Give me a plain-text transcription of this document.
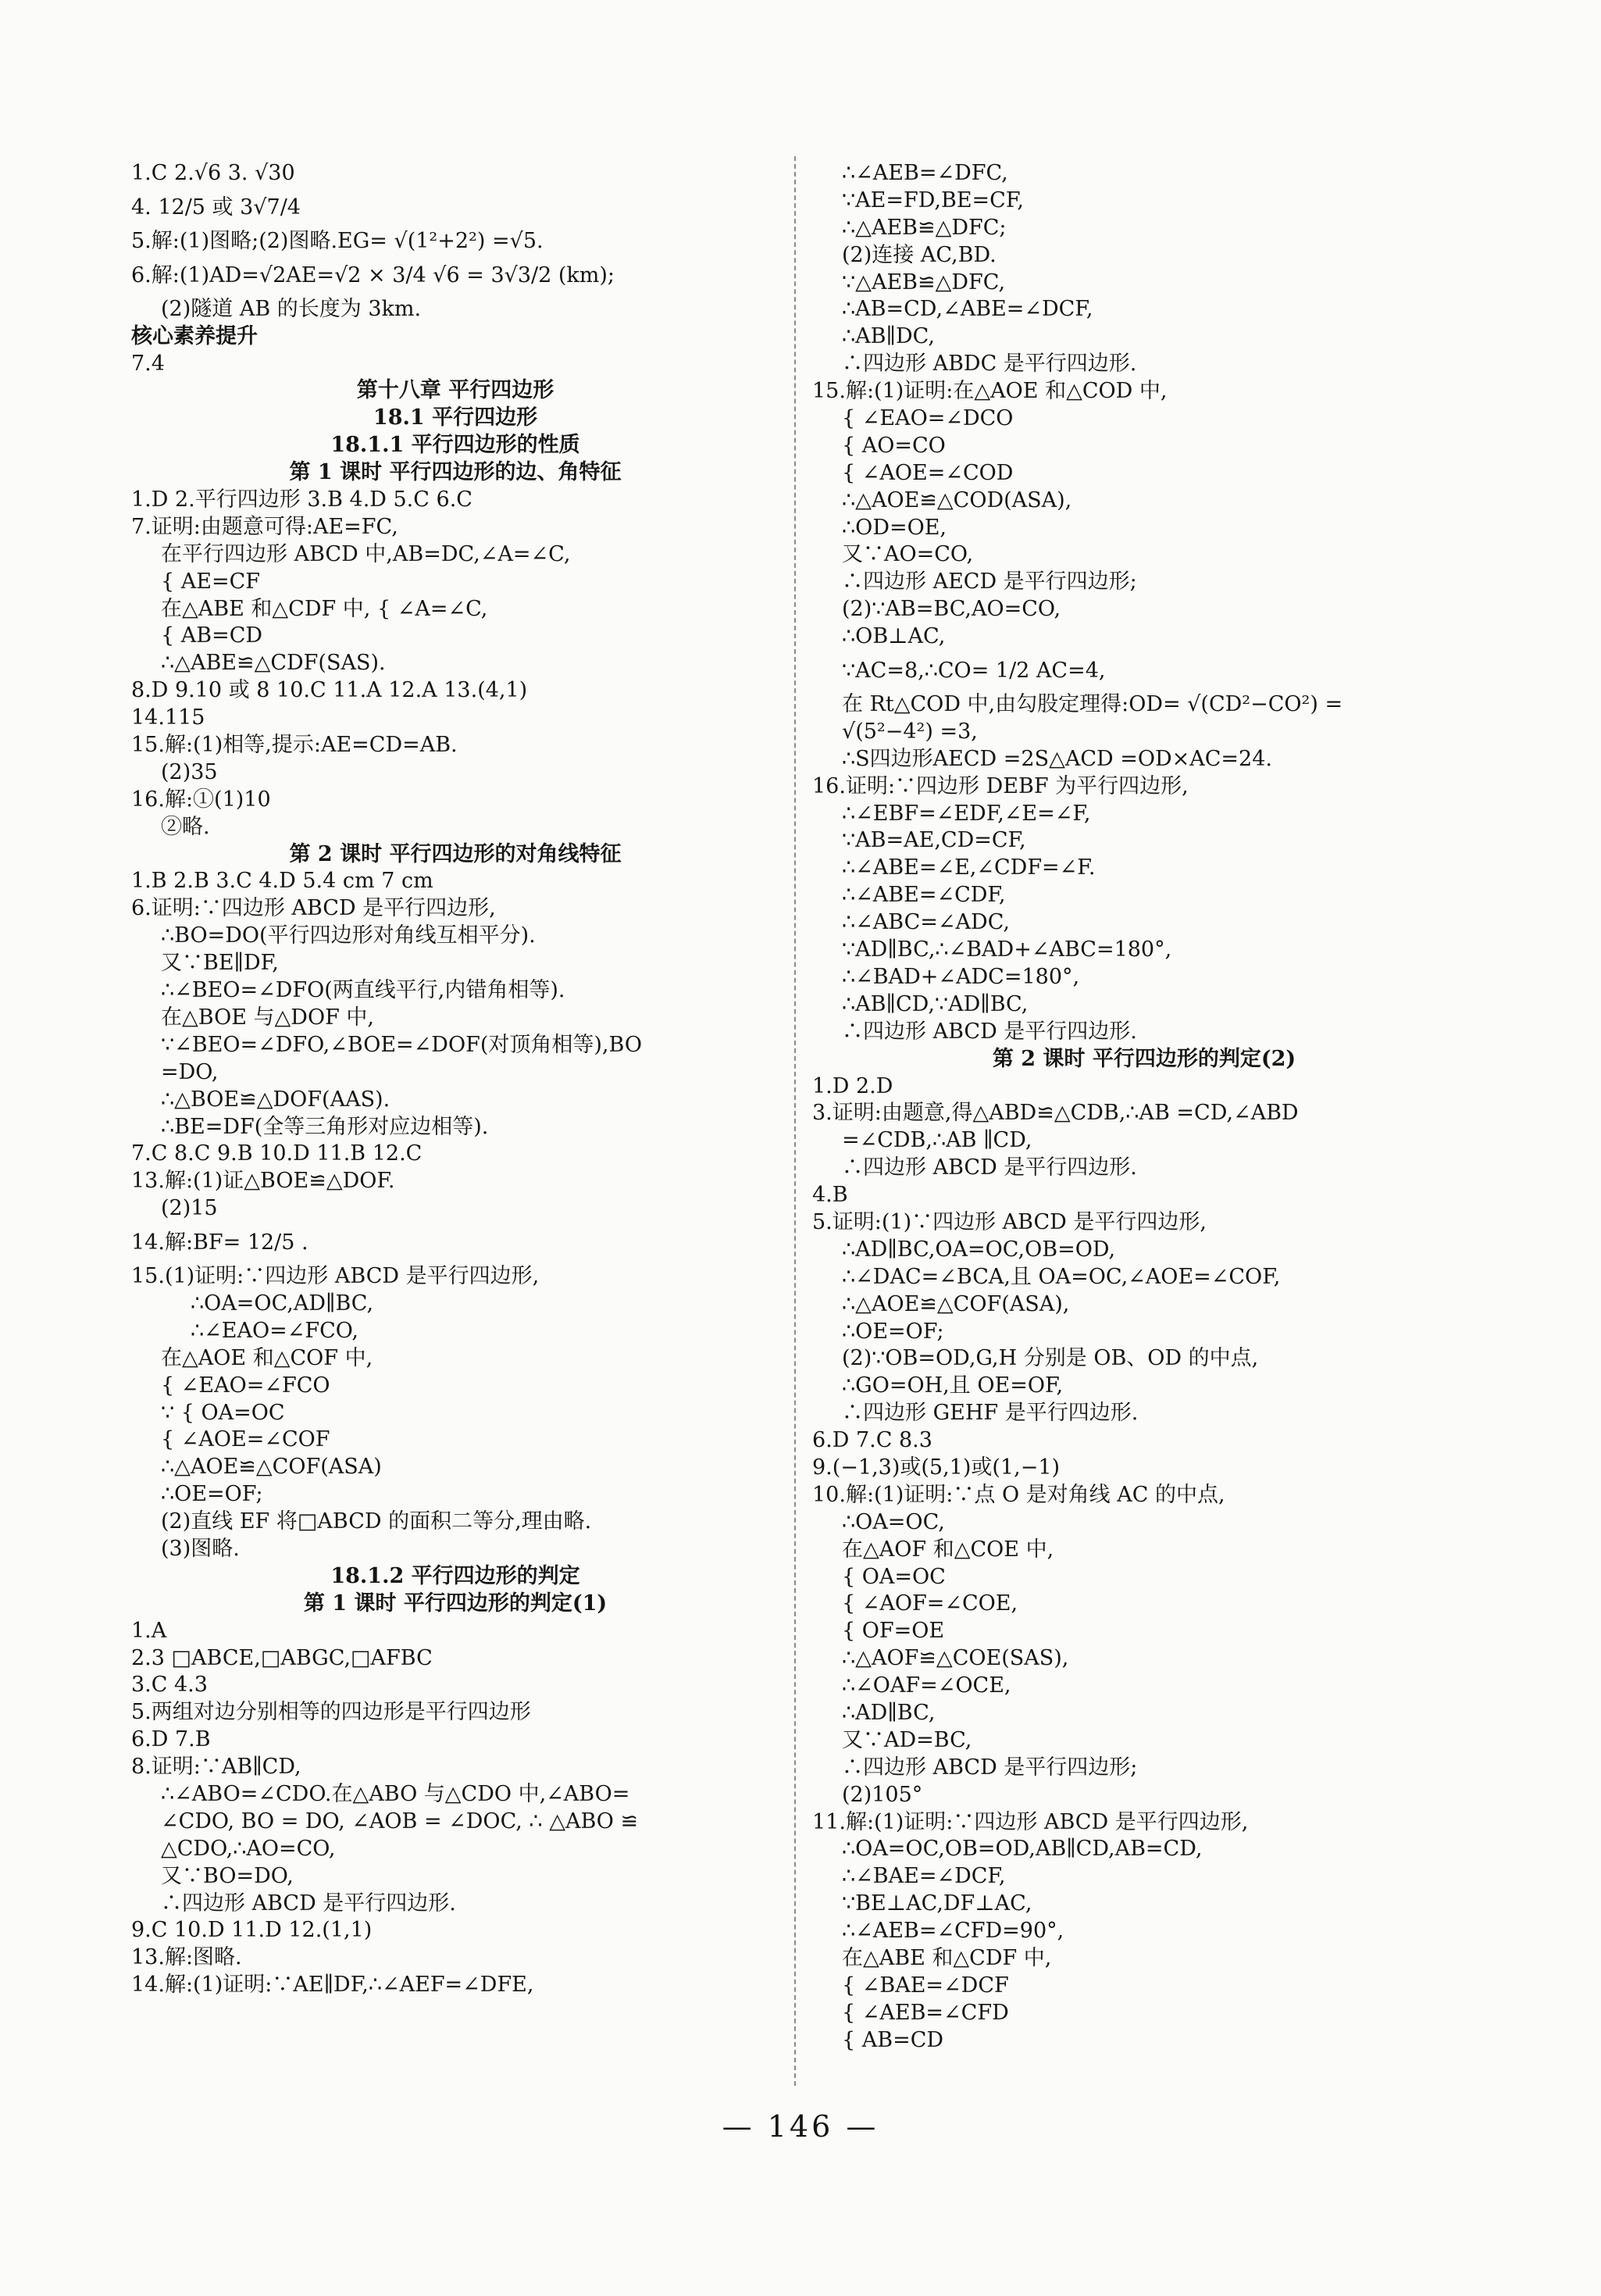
1.C 2.√6 3. √30
4. 12/5 或 3√7/4
5.解:(1)图略;(2)图略.EG= √(1²+2²) =√5.
6.解:(1)AD=√2AE=√2 × 3/4 √6 = 3√3/2 (km);
(2)隧道 AB 的长度为 3km.
核心素养提升
7.4
第十八章 平行四边形
18.1 平行四边形
18.1.1 平行四边形的性质
第 1 课时 平行四边形的边、角特征
1.D 2.平行四边形 3.B 4.D 5.C 6.C
7.证明:由题意可得:AE=FC,
在平行四边形 ABCD 中,AB=DC,∠A=∠C,
{ AE=CF
在△ABE 和△CDF 中, { ∠A=∠C,
{ AB=CD
∴△ABE≌△CDF(SAS).
8.D 9.10 或 8 10.C 11.A 12.A 13.(4,1)
14.115
15.解:(1)相等,提示:AE=CD=AB.
(2)35
16.解:①(1)10
②略.
第 2 课时 平行四边形的对角线特征
1.B 2.B 3.C 4.D 5.4 cm 7 cm
6.证明:∵四边形 ABCD 是平行四边形,
∴BO=DO(平行四边形对角线互相平分).
又∵BE∥DF,
∴∠BEO=∠DFO(两直线平行,内错角相等).
在△BOE 与△DOF 中,
∵∠BEO=∠DFO,∠BOE=∠DOF(对顶角相等),BO
=DO,
∴△BOE≌△DOF(AAS).
∴BE=DF(全等三角形对应边相等).
7.C 8.C 9.B 10.D 11.B 12.C
13.解:(1)证△BOE≌△DOF.
(2)15
14.解:BF= 12/5 .
15.(1)证明:∵四边形 ABCD 是平行四边形,
∴OA=OC,AD∥BC,
∴∠EAO=∠FCO,
在△AOE 和△COF 中,
{ ∠EAO=∠FCO
∵ { OA=OC
{ ∠AOE=∠COF
∴△AOE≌△COF(ASA)
∴OE=OF;
(2)直线 EF 将□ABCD 的面积二等分,理由略.
(3)图略.
18.1.2 平行四边形的判定
第 1 课时 平行四边形的判定(1)
1.A
2.3 □ABCE,□ABGC,□AFBC
3.C 4.3
5.两组对边分别相等的四边形是平行四边形
6.D 7.B
8.证明:∵AB∥CD,
∴∠ABO=∠CDO.在△ABO 与△CDO 中,∠ABO=
∠CDO, BO = DO, ∠AOB = ∠DOC, ∴ △ABO ≌
△CDO,∴AO=CO,
又∵BO=DO,
∴四边形 ABCD 是平行四边形.
9.C 10.D 11.D 12.(1,1)
13.解:图略.
14.解:(1)证明:∵AE∥DF,∴∠AEF=∠DFE,
∴∠AEB=∠DFC,
∵AE=FD,BE=CF,
∴△AEB≌△DFC;
(2)连接 AC,BD.
∵△AEB≌△DFC,
∴AB=CD,∠ABE=∠DCF,
∴AB∥DC,
∴四边形 ABDC 是平行四边形.
15.解:(1)证明:在△AOE 和△COD 中,
{ ∠EAO=∠DCO
{ AO=CO
{ ∠AOE=∠COD
∴△AOE≌△COD(ASA),
∴OD=OE,
又∵AO=CO,
∴四边形 AECD 是平行四边形;
(2)∵AB=BC,AO=CO,
∴OB⊥AC,
∵AC=8,∴CO= 1/2 AC=4,
在 Rt△COD 中,由勾股定理得:OD= √(CD²−CO²) =
√(5²−4²) =3,
∴S四边形AECD =2S△ACD =OD×AC=24.
16.证明:∵四边形 DEBF 为平行四边形,
∴∠EBF=∠EDF,∠E=∠F,
∵AB=AE,CD=CF,
∴∠ABE=∠E,∠CDF=∠F.
∴∠ABE=∠CDF,
∴∠ABC=∠ADC,
∵AD∥BC,∴∠BAD+∠ABC=180°,
∴∠BAD+∠ADC=180°,
∴AB∥CD,∵AD∥BC,
∴四边形 ABCD 是平行四边形.
第 2 课时 平行四边形的判定(2)
1.D 2.D
3.证明:由题意,得△ABD≌△CDB,∴AB =CD,∠ABD
=∠CDB,∴AB ∥CD,
∴四边形 ABCD 是平行四边形.
4.B
5.证明:(1)∵四边形 ABCD 是平行四边形,
∴AD∥BC,OA=OC,OB=OD,
∴∠DAC=∠BCA,且 OA=OC,∠AOE=∠COF,
∴△AOE≌△COF(ASA),
∴OE=OF;
(2)∵OB=OD,G,H 分别是 OB、OD 的中点,
∴GO=OH,且 OE=OF,
∴四边形 GEHF 是平行四边形.
6.D 7.C 8.3
9.(−1,3)或(5,1)或(1,−1)
10.解:(1)证明:∵点 O 是对角线 AC 的中点,
∴OA=OC,
在△AOF 和△COE 中,
{ OA=OC
{ ∠AOF=∠COE,
{ OF=OE
∴△AOF≌△COE(SAS),
∴∠OAF=∠OCE,
∴AD∥BC,
又∵AD=BC,
∴四边形 ABCD 是平行四边形;
(2)105°
11.解:(1)证明:∵四边形 ABCD 是平行四边形,
∴OA=OC,OB=OD,AB∥CD,AB=CD,
∴∠BAE=∠DCF,
∵BE⊥AC,DF⊥AC,
∴∠AEB=∠CFD=90°,
在△ABE 和△CDF 中,
{ ∠BAE=∠DCF
{ ∠AEB=∠CFD
{ AB=CD
— 146 —
